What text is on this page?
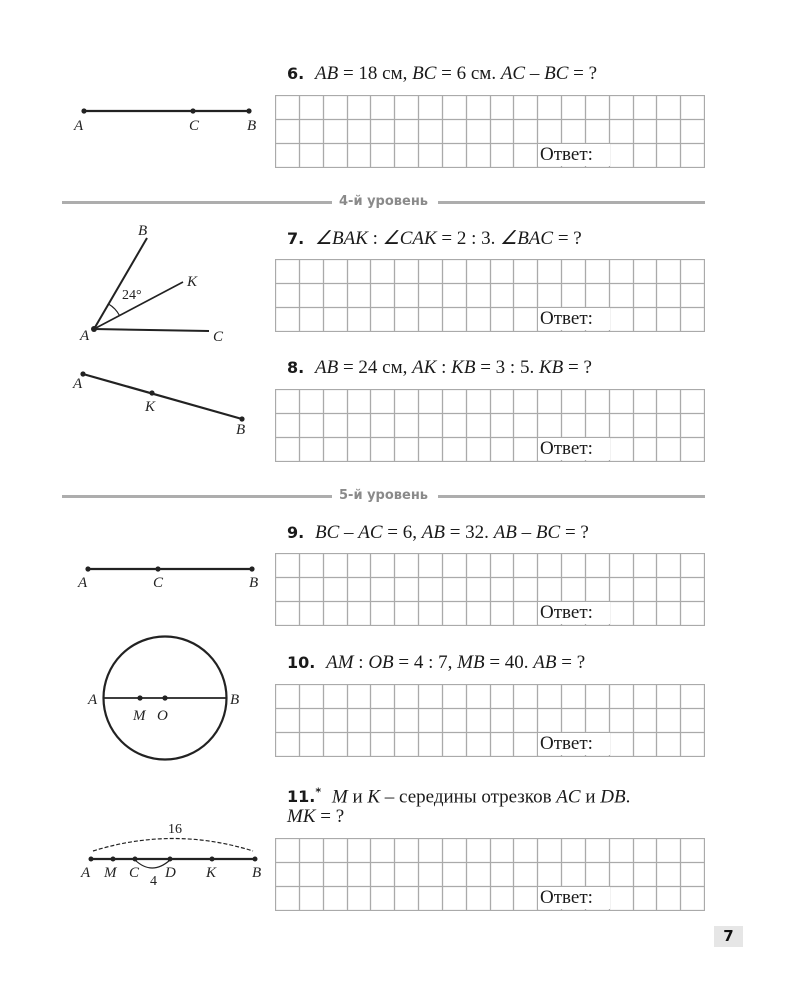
6. AB = 18 см, BC = 6 см. AC – BC = ?
Ответ:
4-й уровень
7. ∠BAK : ∠CAK = 2 : 3. ∠BAC = ?
Ответ:
8. AB = 24 см, AK : KB = 3 : 5. KB = ?
Ответ:
5-й уровень
9. BC – AC = 6, AB = 32. AB – BC = ?
Ответ:
10. AM : OB = 4 : 7, MB = 40. AB = ?
Ответ:
11.* M и K – середины отрезков AC и DB.
MK = ?
Ответ:
A	C	B
A
B
K
C
24°
A
K
B
A	C	B
A
M O
B
A M C D K B
16
4
7
